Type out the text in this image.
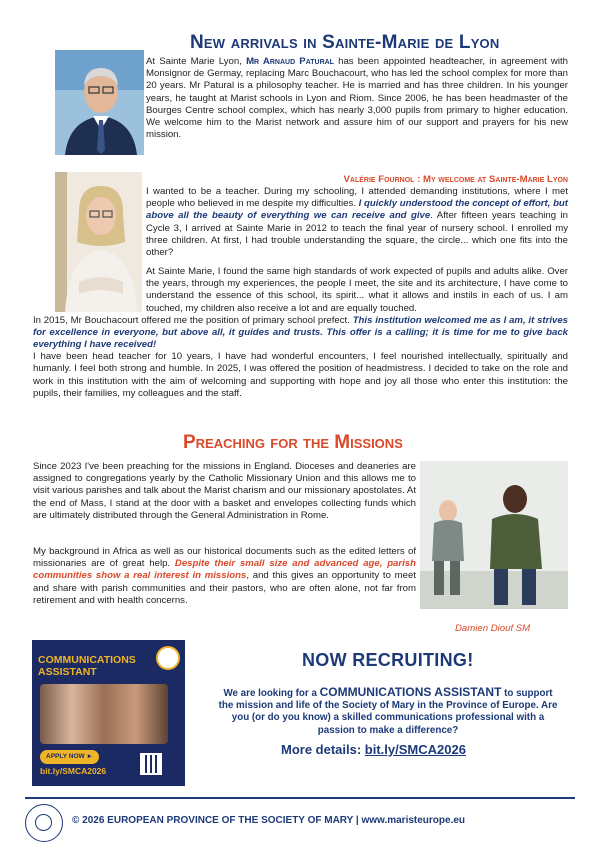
New arrivals in Sainte-Marie de Lyon

At Sainte Marie Lyon, Mr Arnaud Patural has been appointed headteacher, in agreement with Monsignor de Germay, replacing Marc Bouchacourt, who has led the school complex for more than 20 years. Mr Patural is a philosophy teacher. He is married and has three children. In his younger years, he taught at Marist schools in Lyon and Riom. Since 2006, he has been headmaster of the Bourges Centre school complex, which has nearly 3,000 pupils from primary to higher education. We welcome him to the Marist network and assure him of our support and prayers for his new mission.

Valérie Fournol : My welcome at Sainte-Marie Lyon

I wanted to be a teacher. During my schooling, I attended demanding institutions, where I met people who believed in me despite my difficulties. I quickly understood the concept of effort, but above all the beauty of everything we can receive and give. After fifteen years teaching in Cycle 3, I arrived at Sainte Marie in 2012 to teach the final year of nursery school. I enrolled my three children. At first, I had trouble understanding the square, the circle... which one fits into the other?

At Sainte Marie, I found the same high standards of work expected of pupils and adults alike. Over the years, through my experiences, the people I meet, the site and its architecture, I have come to understand the essence of this school, its spirit... what it allows and instils in each of us. I am touched, my children also receive a lot and are equally touched.

In 2015, Mr Bouchacourt offered me the position of primary school prefect. This institution welcomed me as I am, it strives for excellence in everyone, but above all, it guides and trusts. This offer is a calling; it is time for me to give back everything I have received!

I have been head teacher for 10 years, I have had wonderful encounters, I feel nourished intellectually, spiritually and humanly. I feel both strong and humble. In 2025, I was offered the position of headmistress. I decided to take on the role and work in this institution with the aim of welcoming and supporting with hope and joy all those who enter this institution: the pupils, their families, my colleagues and the staff.

Preaching for the Missions

Since 2023 I've been preaching for the missions in England. Dioceses and deaneries are assigned to congregations yearly by the Catholic Missionary Union and this allows me to visit various parishes and talk about the Marist charism and our missionary apostolates. At the end of Mass, I stand at the door with a basket and envelopes collecting funds which are ultimately distributed through the General Administration in Rome.

My background in Africa as well as our historical documents such as the edited letters of missionaries are of great help. Despite their small size and advanced age, parish communities show a real interest in missions, and this gives an opportunity to meet and share with parish communities and their pastors, who are often alone, not far from retirement and with health concerns.

Damien Diouf SM
COMMUNICATIONS ASSISTANT
APPLY NOW ►
bit.ly/SMCA2026
NOW RECRUITING!
We are looking for a COMMUNICATIONS ASSISTANT to support the mission and life of the Society of Mary in the Province of Europe. Are you (or do you know) a skilled communications professional with a passion to make a difference?
More details: bit.ly/SMCA2026
© 2026 EUROPEAN PROVINCE OF THE SOCIETY OF MARY | www.maristeurope.eu
